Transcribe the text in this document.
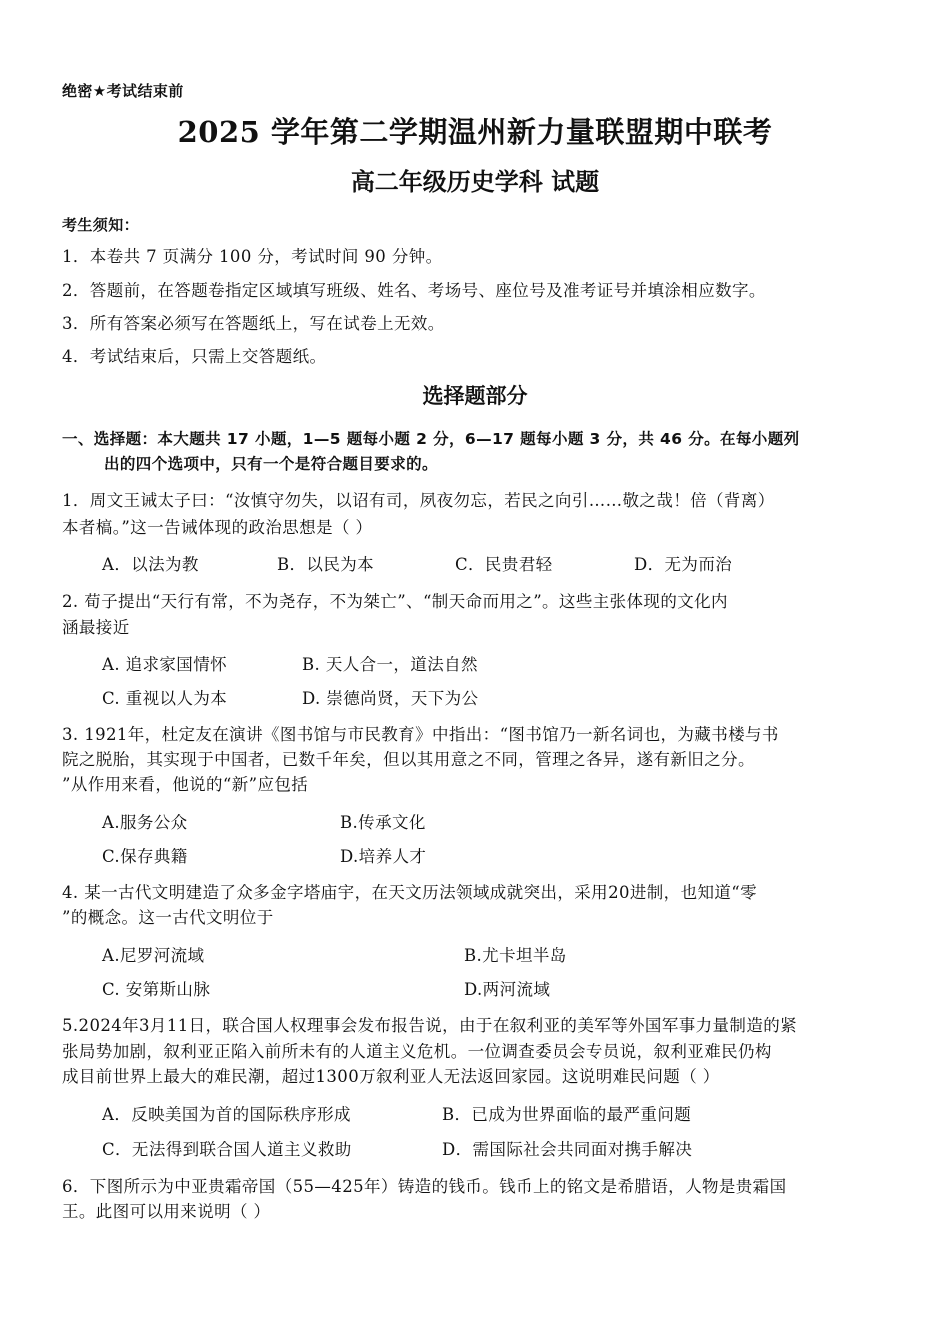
绝密★考试结束前
2025 学年第二学期温州新力量联盟期中联考
高二年级历史学科 试题
考生须知：
1．本卷共 7 页满分 100 分，考试时间 90 分钟。
2．答题前，在答题卷指定区域填写班级、姓名、考场号、座位号及准考证号并填涂相应数字。
3．所有答案必须写在答题纸上，写在试卷上无效。
4．考试结束后，只需上交答题纸。
选择题部分
一、选择题：本大题共 17 小题，1—5 题每小题 2 分，6—17 题每小题 3 分，共 46 分。在每小题列
出的四个选项中，只有一个是符合题目要求的。
1．周文王诫太子曰：“汝慎守勿失，以诏有司，夙夜勿忘，若民之向引……敬之哉！倍（背离）
本者槁。”这一告诫体现的政治思想是（ ）
A．以法为教	B．以民为本	C．民贵君轻	D．无为而治
2. 荀子提出“天行有常，不为尧存，不为桀亡”、“制天命而用之”。这些主张体现的文化内
涵最接近
A. 追求家国情怀	B. 天人合一，道法自然
C. 重视以人为本	D. 崇德尚贤，天下为公
3. 1921年，杜定友在演讲《图书馆与市民教育》中指出：“图书馆乃一新名词也，为藏书楼与书
院之脱胎，其实现于中国者，已数千年矣，但以其用意之不同，管理之各异，遂有新旧之分。
”从作用来看，他说的“新”应包括
A.服务公众	B.传承文化
C.保存典籍	D.培养人才
4. 某一古代文明建造了众多金字塔庙宇，在天文历法领域成就突出，采用20进制，也知道“零
”的概念。这一古代文明位于
A.尼罗河流域	B.尤卡坦半岛
C. 安第斯山脉	D.两河流域
5.2024年3月11日，联合国人权理事会发布报告说，由于在叙利亚的美军等外国军事力量制造的紧
张局势加剧，叙利亚正陷入前所未有的人道主义危机。一位调查委员会专员说，叙利亚难民仍构
成目前世界上最大的难民潮，超过1300万叙利亚人无法返回家园。这说明难民问题（ ）
A．反映美国为首的国际秩序形成	B．已成为世界面临的最严重问题
C．无法得到联合国人道主义救助	D．需国际社会共同面对携手解决
6．下图所示为中亚贵霜帝国（55—425年）铸造的钱币。钱币上的铭文是希腊语，人物是贵霜国
王。此图可以用来说明（ ）
